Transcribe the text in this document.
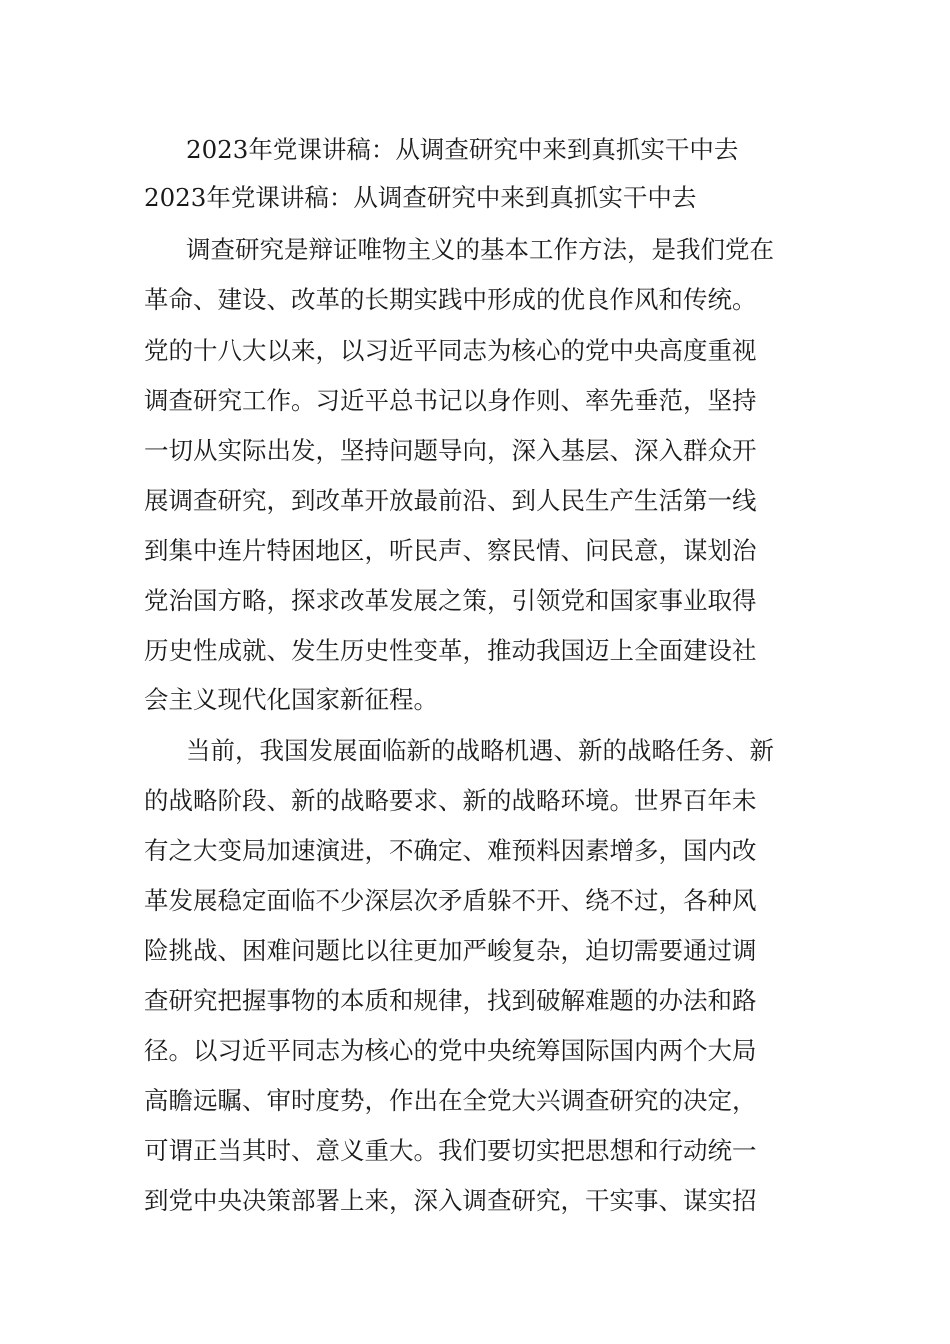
2023年党课讲稿：从调查研究中来到真抓实干中去
2023年党课讲稿：从调查研究中来到真抓实干中去
调查研究是辩证唯物主义的基本工作方法，是我们党在
革命、建设、改革的长期实践中形成的优良作风和传统。
党的十八大以来，以习近平同志为核心的党中央高度重视
调查研究工作。习近平总书记以身作则、率先垂范，坚持
一切从实际出发，坚持问题导向，深入基层、深入群众开
展调查研究，到改革开放最前沿、到人民生产生活第一线
到集中连片特困地区，听民声、察民情、问民意，谋划治
党治国方略，探求改革发展之策，引领党和国家事业取得
历史性成就、发生历史性变革，推动我国迈上全面建设社
会主义现代化国家新征程。
当前，我国发展面临新的战略机遇、新的战略任务、新
的战略阶段、新的战略要求、新的战略环境。世界百年未
有之大变局加速演进，不确定、难预料因素增多，国内改
革发展稳定面临不少深层次矛盾躲不开、绕不过，各种风
险挑战、困难问题比以往更加严峻复杂，迫切需要通过调
查研究把握事物的本质和规律，找到破解难题的办法和路
径。以习近平同志为核心的党中央统筹国际国内两个大局
高瞻远瞩、审时度势，作出在全党大兴调查研究的决定，
可谓正当其时、意义重大。我们要切实把思想和行动统一
到党中央决策部署上来，深入调查研究，干实事、谋实招
